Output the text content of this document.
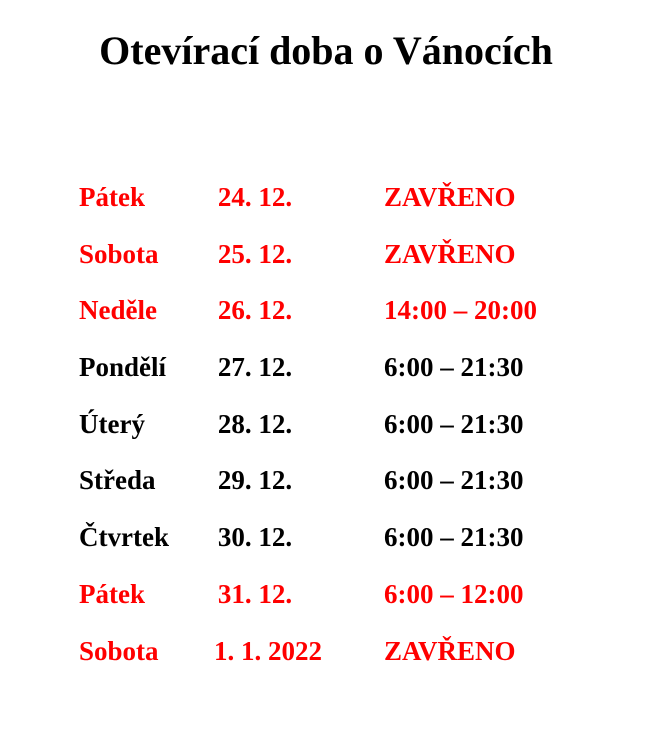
Otevírací doba o Vánocích
Pátek	24. 12.	ZAVŘENO
Sobota 25. 12.	ZAVŘENO
Neděle 26. 12.	14:00 – 20:00
Pondělí 27. 12.	6:00 – 21:30
Úterý	28. 12.	6:00 – 21:30
Středa 29. 12.	6:00 – 21:30
Čtvrtek 30. 12.	6:00 – 21:30
Pátek	31. 12.	6:00 – 12:00
Sobota 1. 1. 2022 ZAVŘENO
